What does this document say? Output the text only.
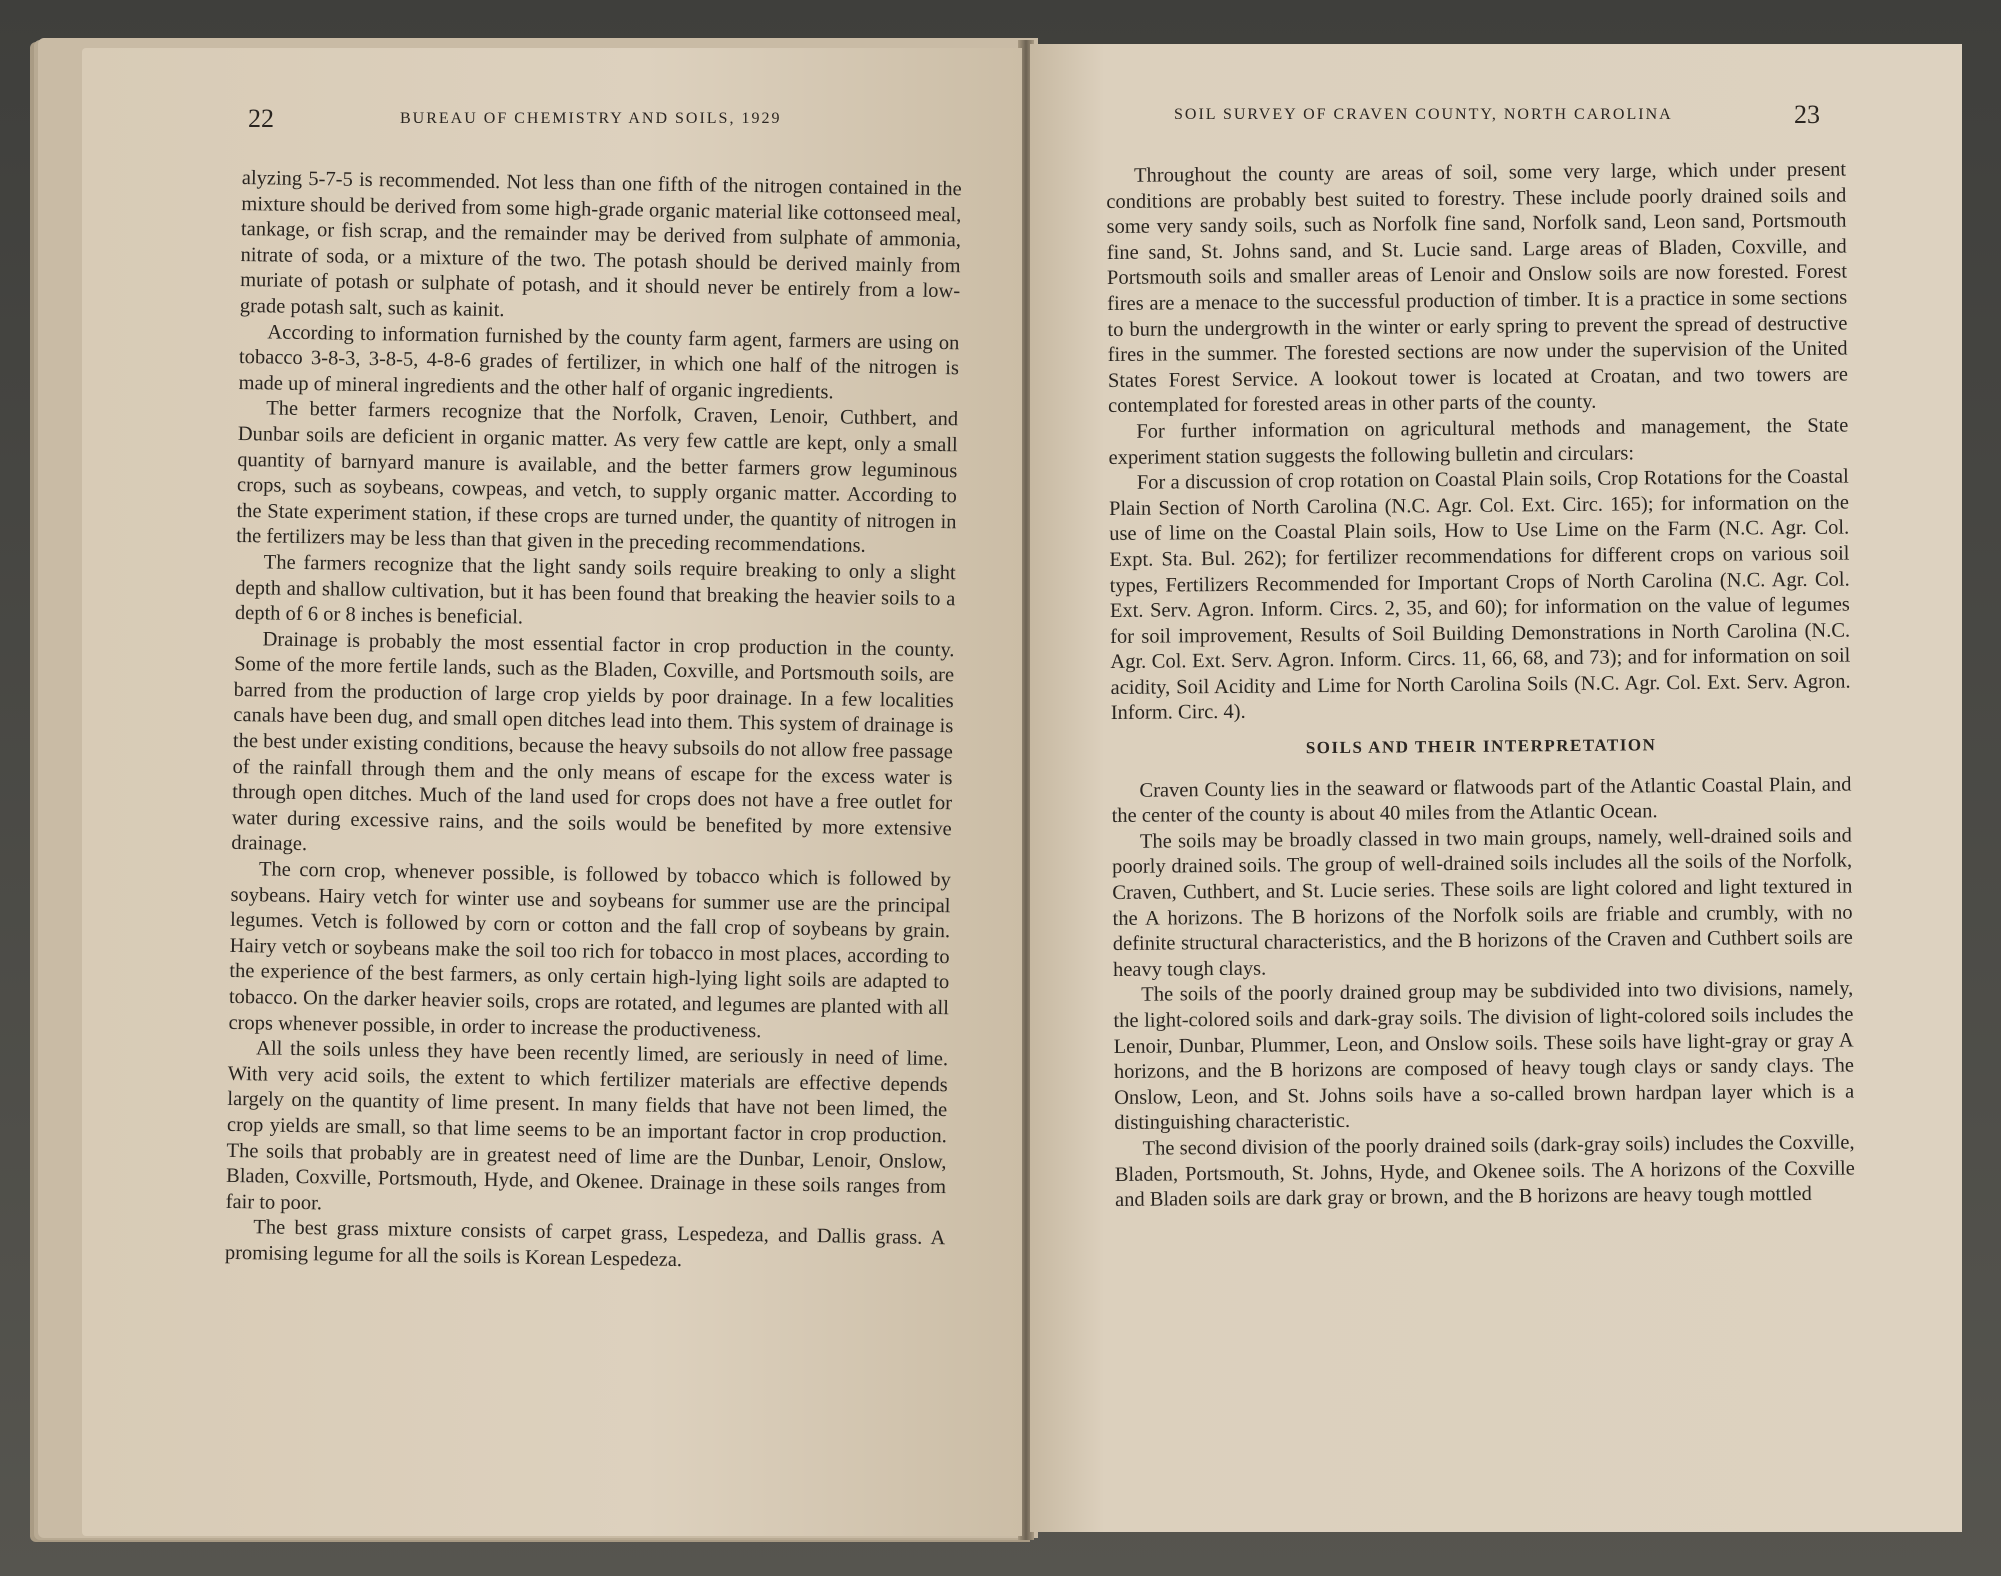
22	BUREAU OF CHEMISTRY AND SOILS, 1929

alyzing 5-7-5 is recommended. Not less than one fifth of the nitrogen contained in the mixture should be derived from some high-grade organic material like cottonseed meal, tankage, or fish scrap, and the remainder may be derived from sulphate of ammonia, nitrate of soda, or a mixture of the two. The potash should be derived mainly from muriate of potash or sulphate of potash, and it should never be entirely from a low-grade potash salt, such as kainit.

According to information furnished by the county farm agent, farmers are using on tobacco 3-8-3, 3-8-5, 4-8-6 grades of fertilizer, in which one half of the nitrogen is made up of mineral ingredients and the other half of organic ingredients.

The better farmers recognize that the Norfolk, Craven, Lenoir, Cuthbert, and Dunbar soils are deficient in organic matter. As very few cattle are kept, only a small quantity of barnyard manure is available, and the better farmers grow leguminous crops, such as soybeans, cowpeas, and vetch, to supply organic matter. According to the State experiment station, if these crops are turned under, the quantity of nitrogen in the fertilizers may be less than that given in the preceding recommendations.

The farmers recognize that the light sandy soils require breaking to only a slight depth and shallow cultivation, but it has been found that breaking the heavier soils to a depth of 6 or 8 inches is beneficial.

Drainage is probably the most essential factor in crop production in the county. Some of the more fertile lands, such as the Bladen, Coxville, and Portsmouth soils, are barred from the production of large crop yields by poor drainage. In a few localities canals have been dug, and small open ditches lead into them. This system of drainage is the best under existing conditions, because the heavy subsoils do not allow free passage of the rainfall through them and the only means of escape for the excess water is through open ditches. Much of the land used for crops does not have a free outlet for water during excessive rains, and the soils would be benefited by more extensive drainage.

The corn crop, whenever possible, is followed by tobacco which is followed by soybeans. Hairy vetch for winter use and soybeans for summer use are the principal legumes. Vetch is followed by corn or cotton and the fall crop of soybeans by grain. Hairy vetch or soybeans make the soil too rich for tobacco in most places, according to the experience of the best farmers, as only certain high-lying light soils are adapted to tobacco. On the darker heavier soils, crops are rotated, and legumes are planted with all crops whenever possible, in order to increase the productiveness.

All the soils unless they have been recently limed, are seriously in need of lime. With very acid soils, the extent to which fertilizer materials are effective depends largely on the quantity of lime present. In many fields that have not been limed, the crop yields are small, so that lime seems to be an important factor in crop production. The soils that probably are in greatest need of lime are the Dunbar, Lenoir, Onslow, Bladen, Coxville, Portsmouth, Hyde, and Okenee. Drainage in these soils ranges from fair to poor.

The best grass mixture consists of carpet grass, Lespedeza, and Dallis grass. A promising legume for all the soils is Korean Lespedeza.

SOIL SURVEY OF CRAVEN COUNTY, NORTH CAROLINA	23

Throughout the county are areas of soil, some very large, which under present conditions are probably best suited to forestry. These include poorly drained soils and some very sandy soils, such as Norfolk fine sand, Norfolk sand, Leon sand, Portsmouth fine sand, St. Johns sand, and St. Lucie sand. Large areas of Bladen, Coxville, and Portsmouth soils and smaller areas of Lenoir and Onslow soils are now forested. Forest fires are a menace to the successful production of timber. It is a practice in some sections to burn the undergrowth in the winter or early spring to prevent the spread of destructive fires in the summer. The forested sections are now under the supervision of the United States Forest Service. A lookout tower is located at Croatan, and two towers are contemplated for forested areas in other parts of the county.

For further information on agricultural methods and management, the State experiment station suggests the following bulletin and circulars:

For a discussion of crop rotation on Coastal Plain soils, Crop Rotations for the Coastal Plain Section of North Carolina (N.C. Agr. Col. Ext. Circ. 165); for information on the use of lime on the Coastal Plain soils, How to Use Lime on the Farm (N.C. Agr. Col. Expt. Sta. Bul. 262); for fertilizer recommendations for different crops on various soil types, Fertilizers Recommended for Important Crops of North Carolina (N.C. Agr. Col. Ext. Serv. Agron. Inform. Circs. 2, 35, and 60); for information on the value of legumes for soil improvement, Results of Soil Building Demonstrations in North Carolina (N.C. Agr. Col. Ext. Serv. Agron. Inform. Circs. 11, 66, 68, and 73); and for information on soil acidity, Soil Acidity and Lime for North Carolina Soils (N.C. Agr. Col. Ext. Serv. Agron. Inform. Circ. 4).

SOILS AND THEIR INTERPRETATION

Craven County lies in the seaward or flatwoods part of the Atlantic Coastal Plain, and the center of the county is about 40 miles from the Atlantic Ocean.

The soils may be broadly classed in two main groups, namely, well-drained soils and poorly drained soils. The group of well-drained soils includes all the soils of the Norfolk, Craven, Cuthbert, and St. Lucie series. These soils are light colored and light textured in the A horizons. The B horizons of the Norfolk soils are friable and crumbly, with no definite structural characteristics, and the B horizons of the Craven and Cuthbert soils are heavy tough clays.

The soils of the poorly drained group may be subdivided into two divisions, namely, the light-colored soils and dark-gray soils. The division of light-colored soils includes the Lenoir, Dunbar, Plummer, Leon, and Onslow soils. These soils have light-gray or gray A horizons, and the B horizons are composed of heavy tough clays or sandy clays. The Onslow, Leon, and St. Johns soils have a so-called brown hardpan layer which is a distinguishing characteristic.

The second division of the poorly drained soils (dark-gray soils) includes the Coxville, Bladen, Portsmouth, St. Johns, Hyde, and Okenee soils. The A horizons of the Coxville and Bladen soils are dark gray or brown, and the B horizons are heavy tough mottled
